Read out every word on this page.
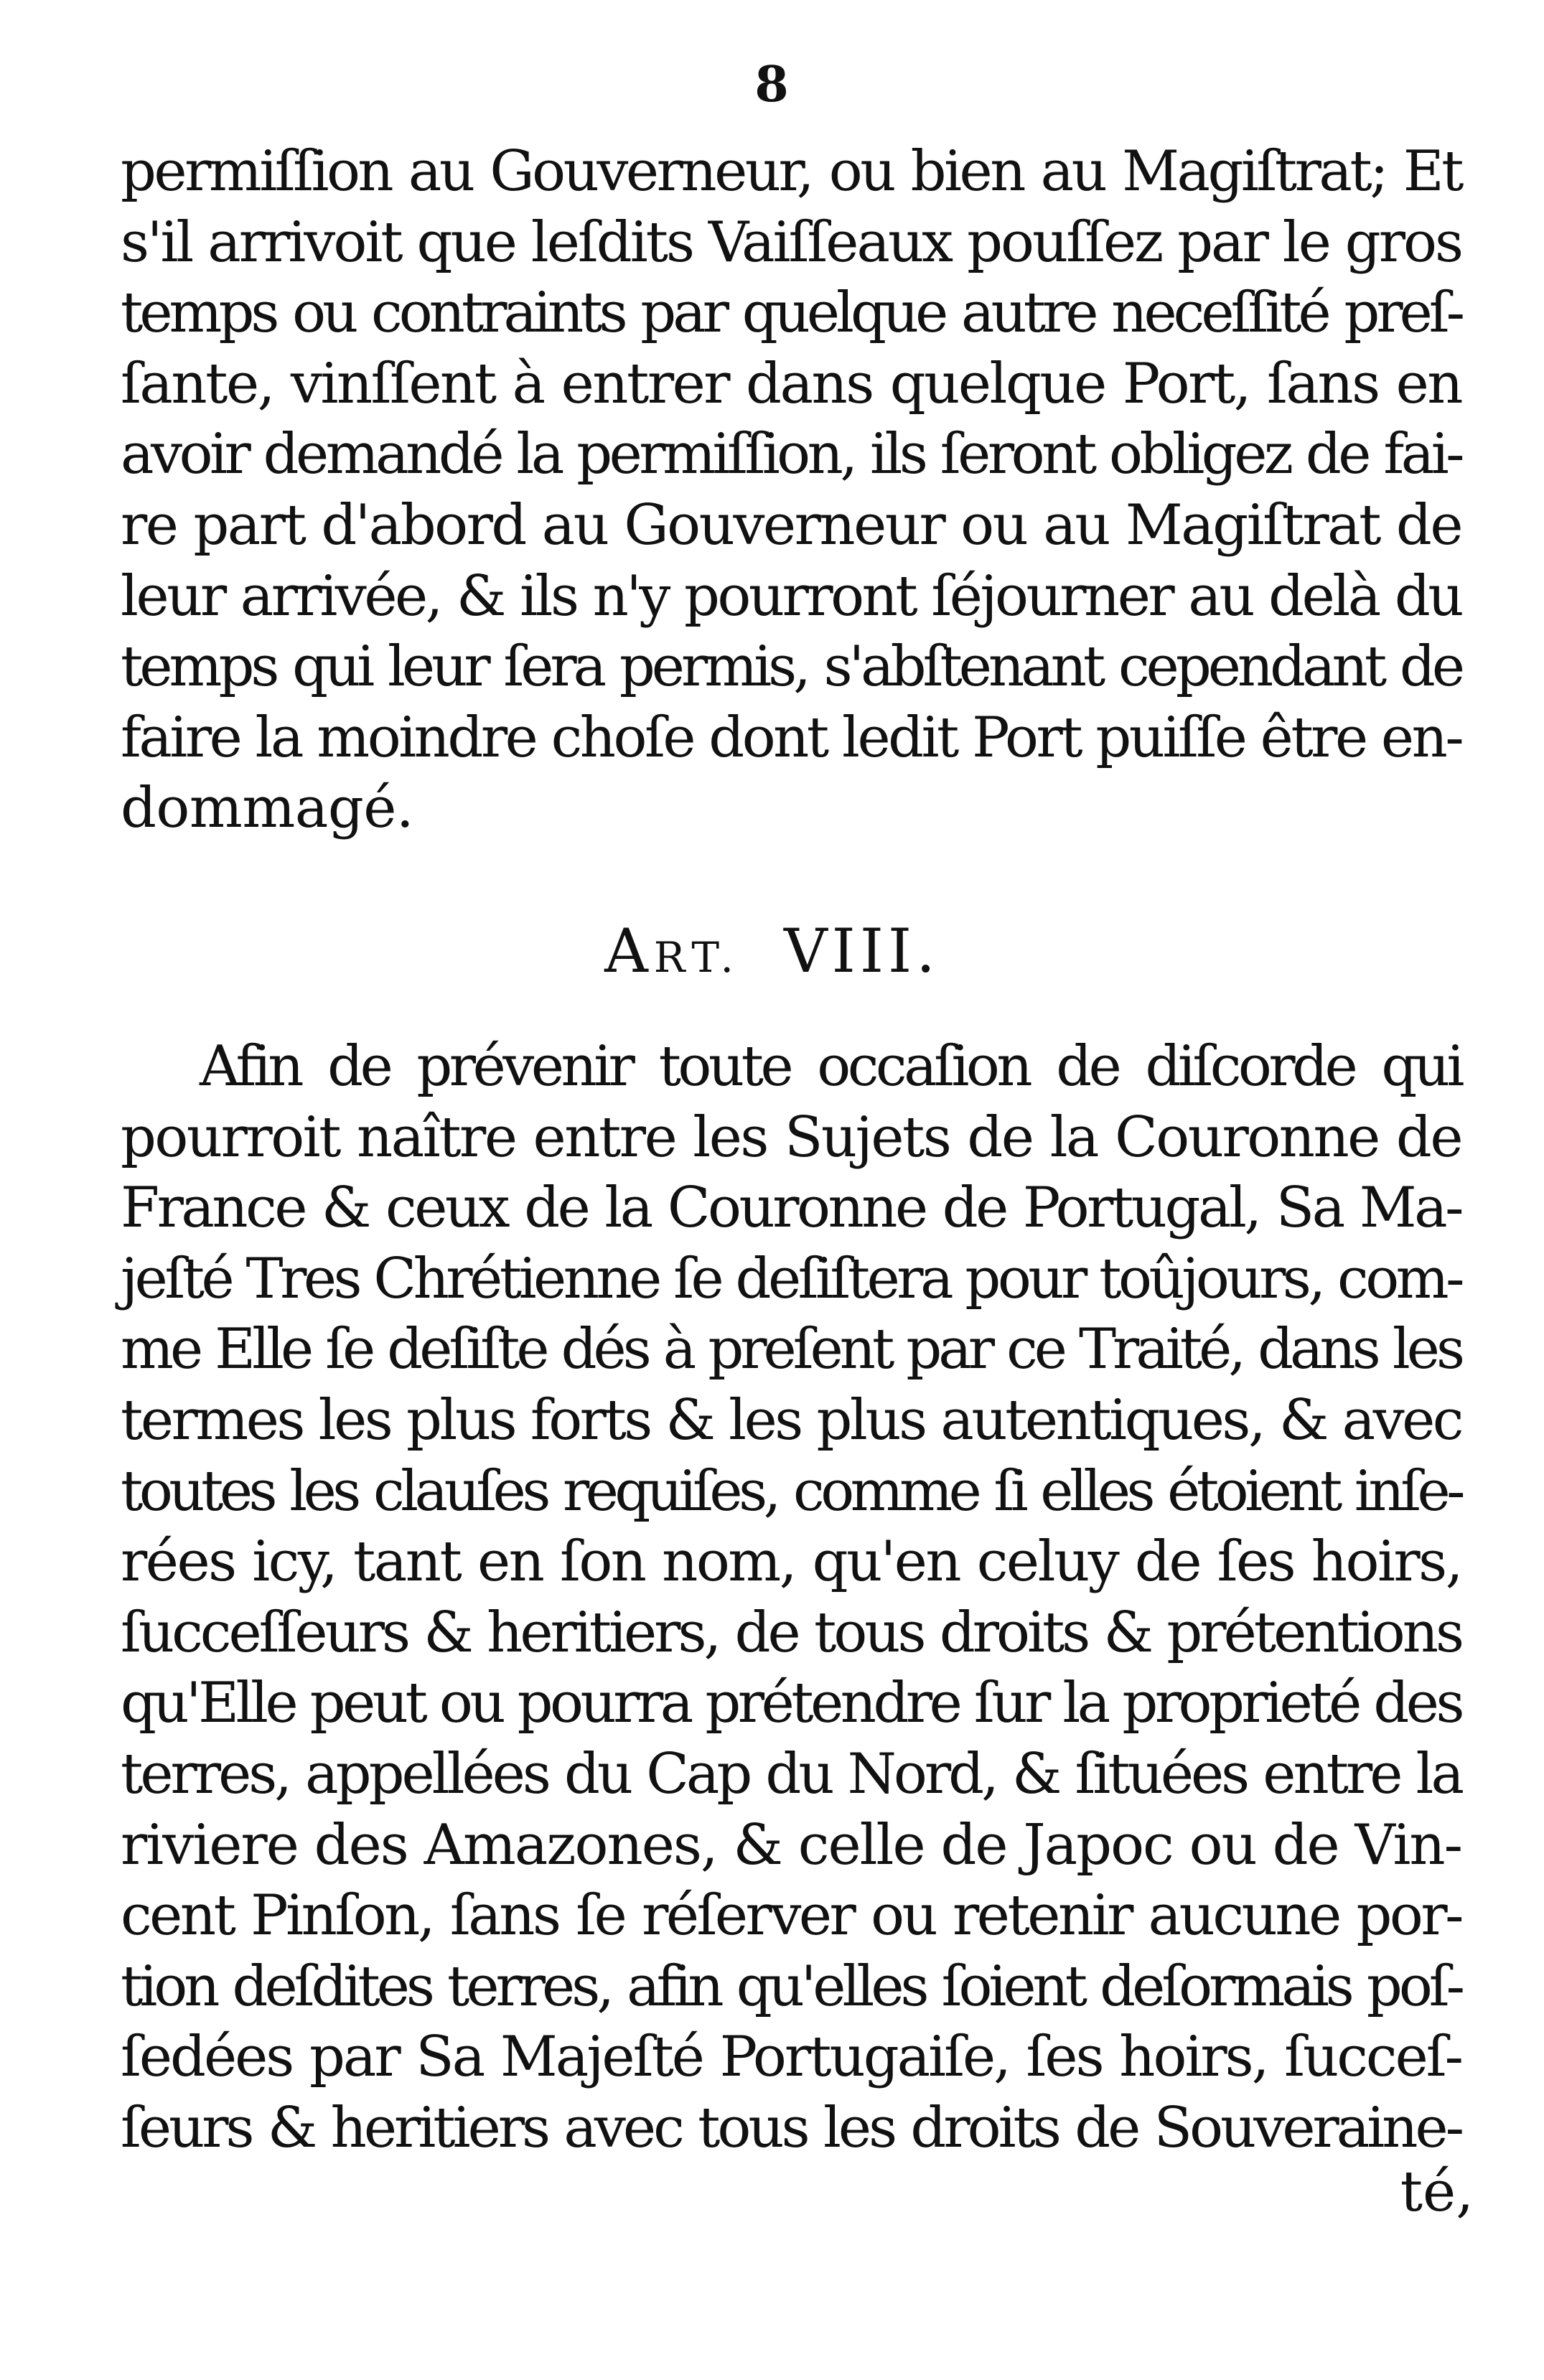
8
permiſſion au Gouverneur, ou bien au Magiſtrat; Et
s'il arrivoit que leſdits Vaiſſeaux pouſſez par le gros
temps ou contraints par quelque autre neceſſité preſ-
ſante, vinſſent à entrer dans quelque Port, ſans en
avoir demandé la permiſſion, ils ſeront obligez de fai-
re part d'abord au Gouverneur ou au Magiſtrat de
leur arrivée, & ils n'y pourront ſéjourner au delà du
temps qui leur ſera permis, s'abſtenant cependant de
faire la moindre choſe dont ledit Port puiſſe être en-
dommagé.
ART. VIII.
Afin de prévenir toute occaſion de diſcorde qui
pourroit naître entre les Sujets de la Couronne de
France & ceux de la Couronne de Portugal, Sa Ma-
jeſté Tres Chrétienne ſe deſiſtera pour toûjours, com-
me Elle ſe deſiſte dés à preſent par ce Traité, dans les
termes les plus forts & les plus autentiques, & avec
toutes les clauſes requiſes, comme ſi elles étoient inſe-
rées icy, tant en ſon nom, qu'en celuy de ſes hoirs,
ſucceſſeurs & heritiers, de tous droits & prétentions
qu'Elle peut ou pourra prétendre ſur la proprieté des
terres, appellées du Cap du Nord, & ſituées entre la
riviere des Amazones, & celle de Japoc ou de Vin-
cent Pinſon, ſans ſe réſerver ou retenir aucune por-
tion deſdites terres, afin qu'elles ſoient deſormais poſ-
ſedées par Sa Majeſté Portugaiſe, ſes hoirs, ſucceſ-
ſeurs & heritiers avec tous les droits de Souveraine-
té,
